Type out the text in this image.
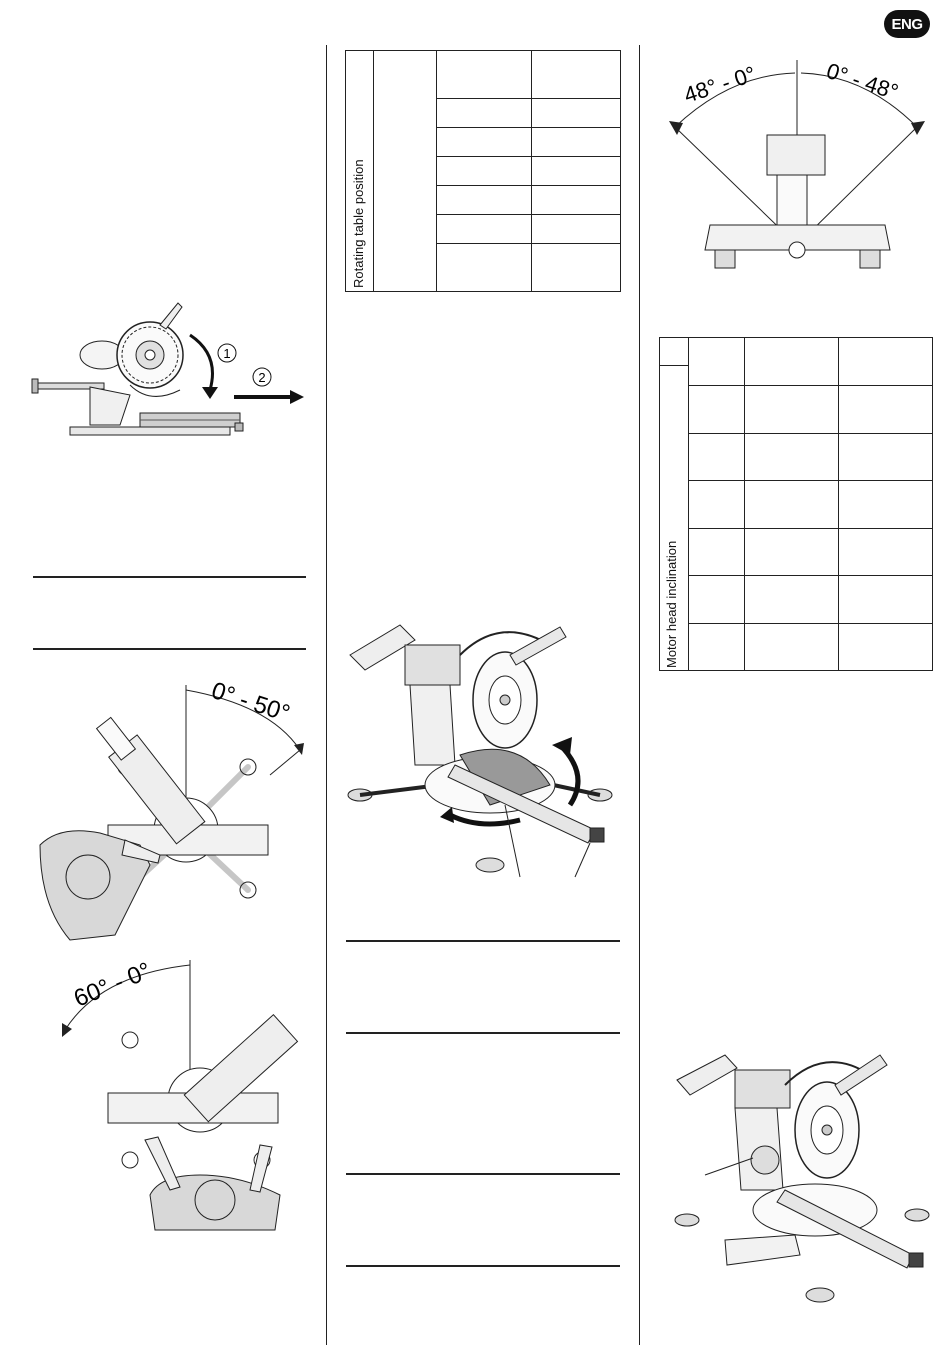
ENG
1
2
0° - 50°
60° - 0°

Rotating table position
48° - 0°	0° - 48°

Motor head inclination
